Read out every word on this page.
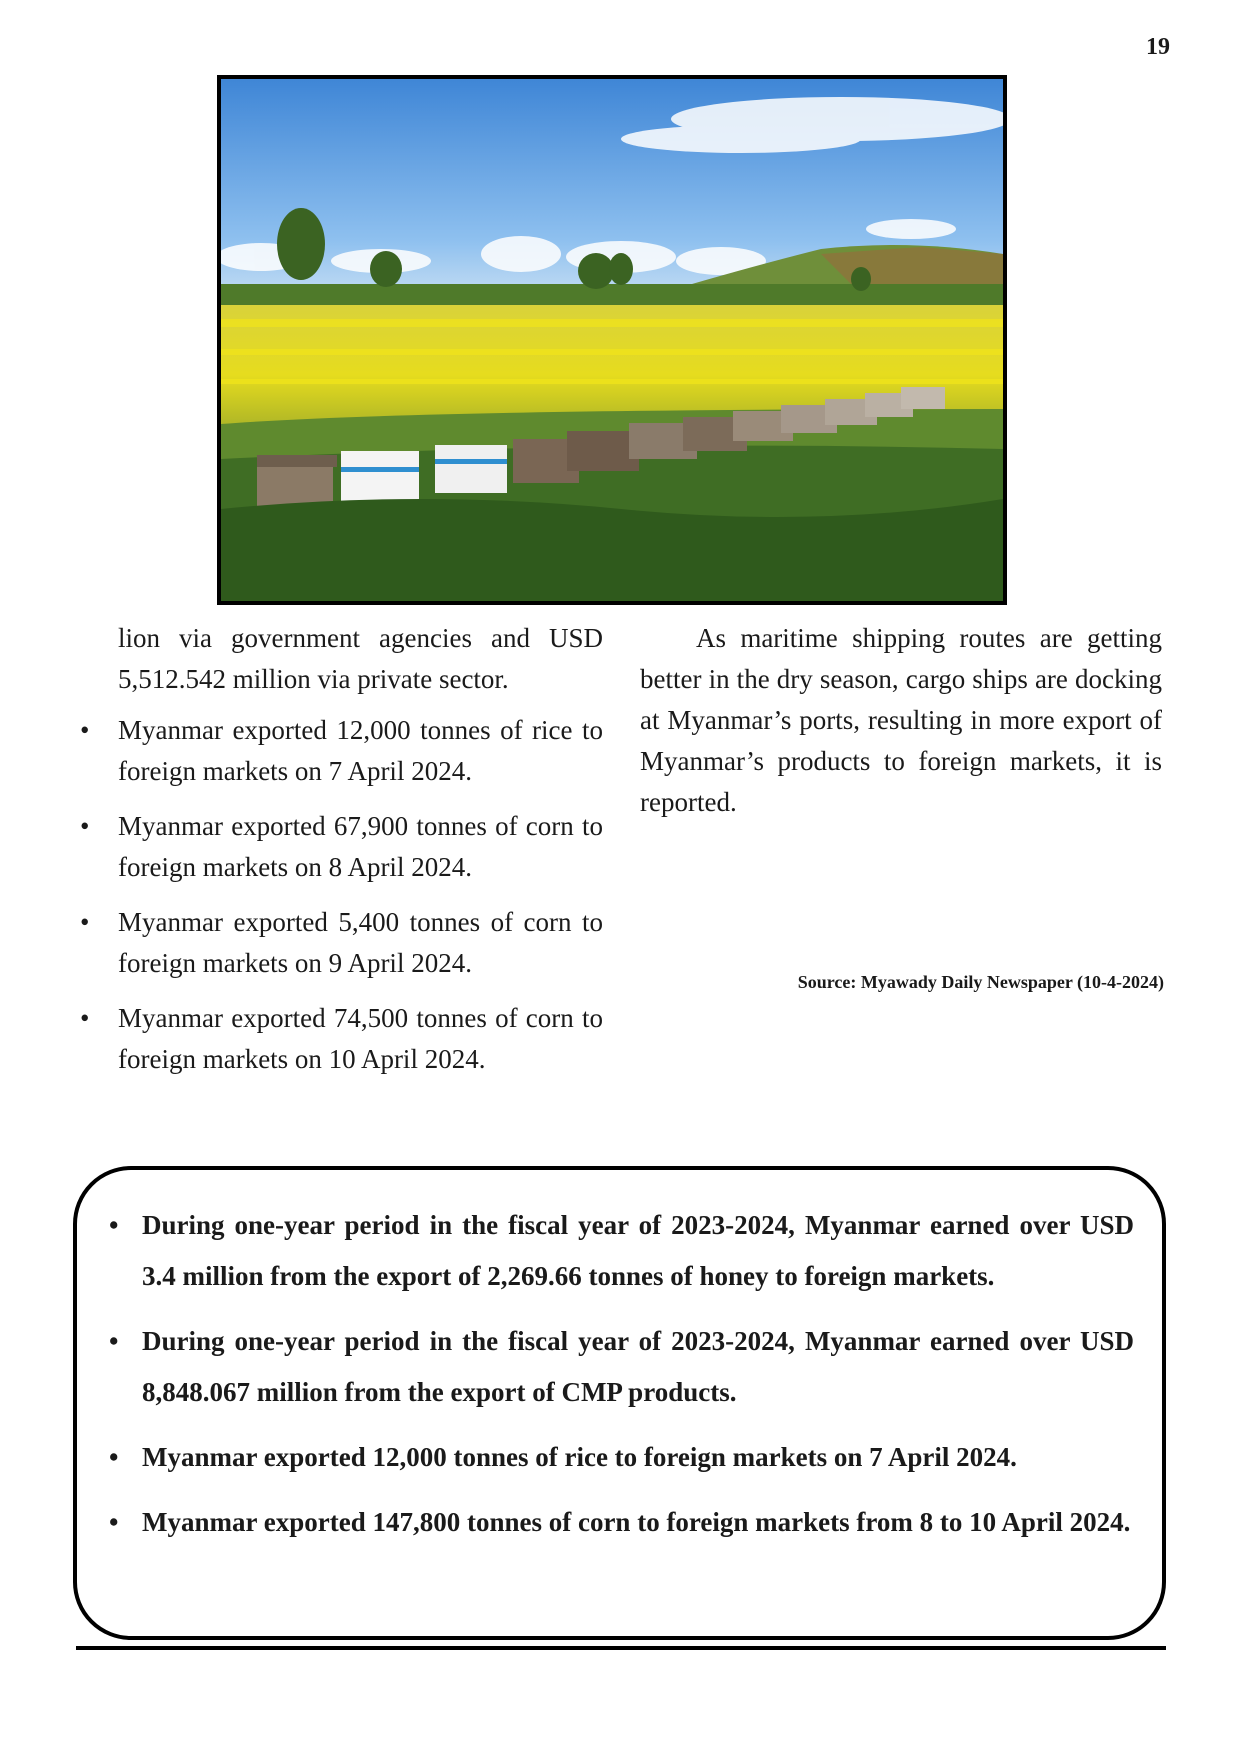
19

lion via government agencies and USD 5,512.542 million via private sector.

•	Myanmar exported 12,000 tonnes of rice to foreign markets on 7 April 2024.
•	Myanmar exported 67,900 tonnes of corn to foreign markets on 8 April 2024.
•	Myanmar exported 5,400 tonnes of corn to foreign markets on 9 April 2024.
•	Myanmar exported 74,500 tonnes of corn to foreign markets on 10 April 2024.

As maritime shipping routes are getting better in the dry season, cargo ships are docking at Myanmar’s ports, resulting in more export of Myanmar’s products to foreign markets, it is reported.

Source: Myawady Daily Newspaper (10-4-2024)
• During one-year period in the fiscal year of 2023-2024, Myanmar earned over USD 3.4 million from the export of 2,269.66 tonnes of honey to foreign markets.
• During one-year period in the fiscal year of 2023-2024, Myanmar earned over USD 8,848.067 million from the export of CMP products.
• Myanmar exported 12,000 tonnes of rice to foreign markets on 7 April 2024.
• Myanmar exported 147,800 tonnes of corn to foreign markets from 8 to 10 April 2024.
